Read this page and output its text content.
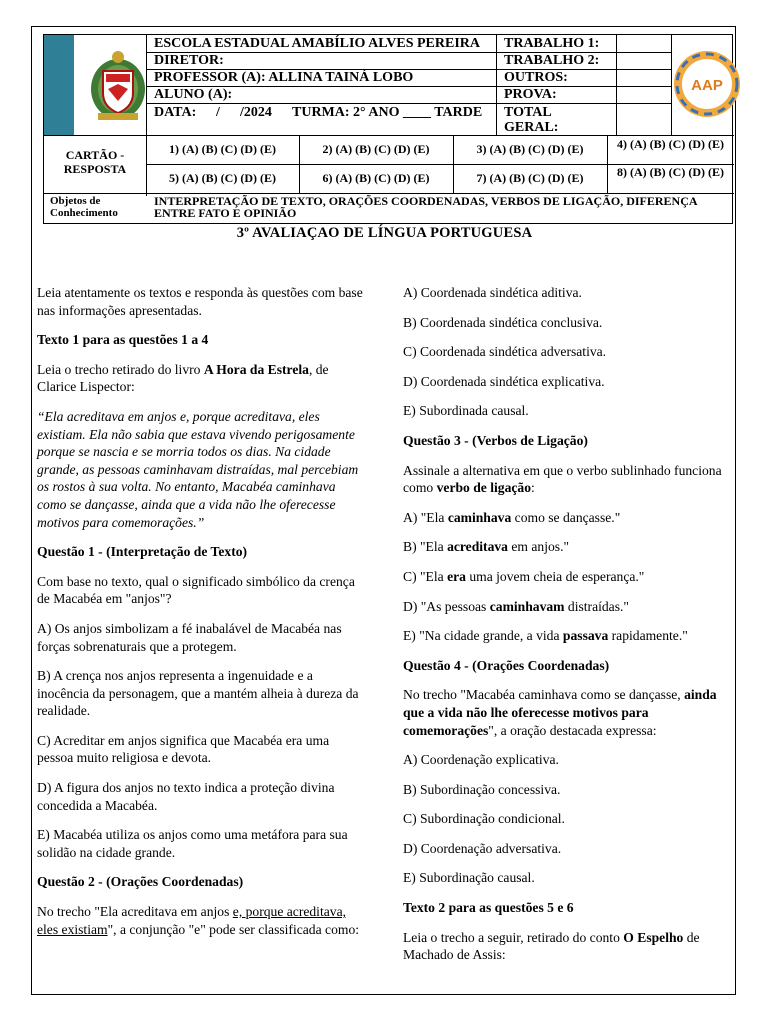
ESCOLA ESTADUAL AMABÍLIO ALVES PEREIRA
DIRETOR:
PROFESSOR (A): ALLINA TAINÁ LOBO
ALUNO (A):
DATA: / /2024 TURMA: 2° ANO ____ TARDE
TRABALHO 1:
TRABALHO 2:
OUTROS:
PROVA:
TOTAL GERAL:
AAP
CARTÃO - RESPOSTA
1) (A) (B) (C) (D) (E)	2) (A) (B) (C) (D) (E)	3) (A) (B) (C) (D) (E)	4) (A) (B) (C) (D) (E)
5) (A) (B) (C) (D) (E)	6) (A) (B) (C) (D) (E)	7) (A) (B) (C) (D) (E)	8) (A) (B) (C) (D) (E)
Objetos de Conhecimento
INTERPRETAÇÃO DE TEXTO, ORAÇÕES COORDENADAS, VERBOS DE LIGAÇÃO, DIFERENÇA ENTRE FATO E OPINIÃO
3º AVALIAÇAO DE LÍNGUA PORTUGUESA

Leia atentamente os textos e responda às questões com base nas informações apresentadas.

Texto 1 para as questões 1 a 4

Leia o trecho retirado do livro A Hora da Estrela, de Clarice Lispector:

“Ela acreditava em anjos e, porque acreditava, eles existiam. Ela não sabia que estava vivendo perigosamente porque se nascia e se morria todos os dias. Na cidade grande, as pessoas caminhavam distraídas, mal percebiam os rostos à sua volta. No entanto, Macabéa caminhava como se dançasse, ainda que a vida não lhe oferecesse motivos para comemorações.”

Questão 1 - (Interpretação de Texto)

Com base no texto, qual o significado simbólico da crença de Macabéa em "anjos"?

A) Os anjos simbolizam a fé inabalável de Macabéa nas forças sobrenaturais que a protegem.

B) A crença nos anjos representa a ingenuidade e a inocência da personagem, que a mantém alheia à dureza da realidade.

C) Acreditar em anjos significa que Macabéa era uma pessoa muito religiosa e devota.

D) A figura dos anjos no texto indica a proteção divina concedida a Macabéa.

E) Macabéa utiliza os anjos como uma metáfora para sua solidão na cidade grande.

Questão 2 - (Orações Coordenadas)

No trecho "Ela acreditava em anjos e, porque acreditava, eles existiam", a conjunção "e" pode ser classificada como:

A) Coordenada sindética aditiva.

B) Coordenada sindética conclusiva.

C) Coordenada sindética adversativa.

D) Coordenada sindética explicativa.

E) Subordinada causal.

Questão 3 - (Verbos de Ligação)

Assinale a alternativa em que o verbo sublinhado funciona como verbo de ligação:

A) "Ela caminhava como se dançasse."

B) "Ela acreditava em anjos."

C) "Ela era uma jovem cheia de esperança."

D) "As pessoas caminhavam distraídas."

E) "Na cidade grande, a vida passava rapidamente."

Questão 4 - (Orações Coordenadas)

No trecho "Macabéa caminhava como se dançasse, ainda que a vida não lhe oferecesse motivos para comemorações", a oração destacada expressa:

A) Coordenação explicativa.

B) Subordinação concessiva.

C) Subordinação condicional.

D) Coordenação adversativa.

E) Subordinação causal.

Texto 2 para as questões 5 e 6

Leia o trecho a seguir, retirado do conto O Espelho de Machado de Assis:
